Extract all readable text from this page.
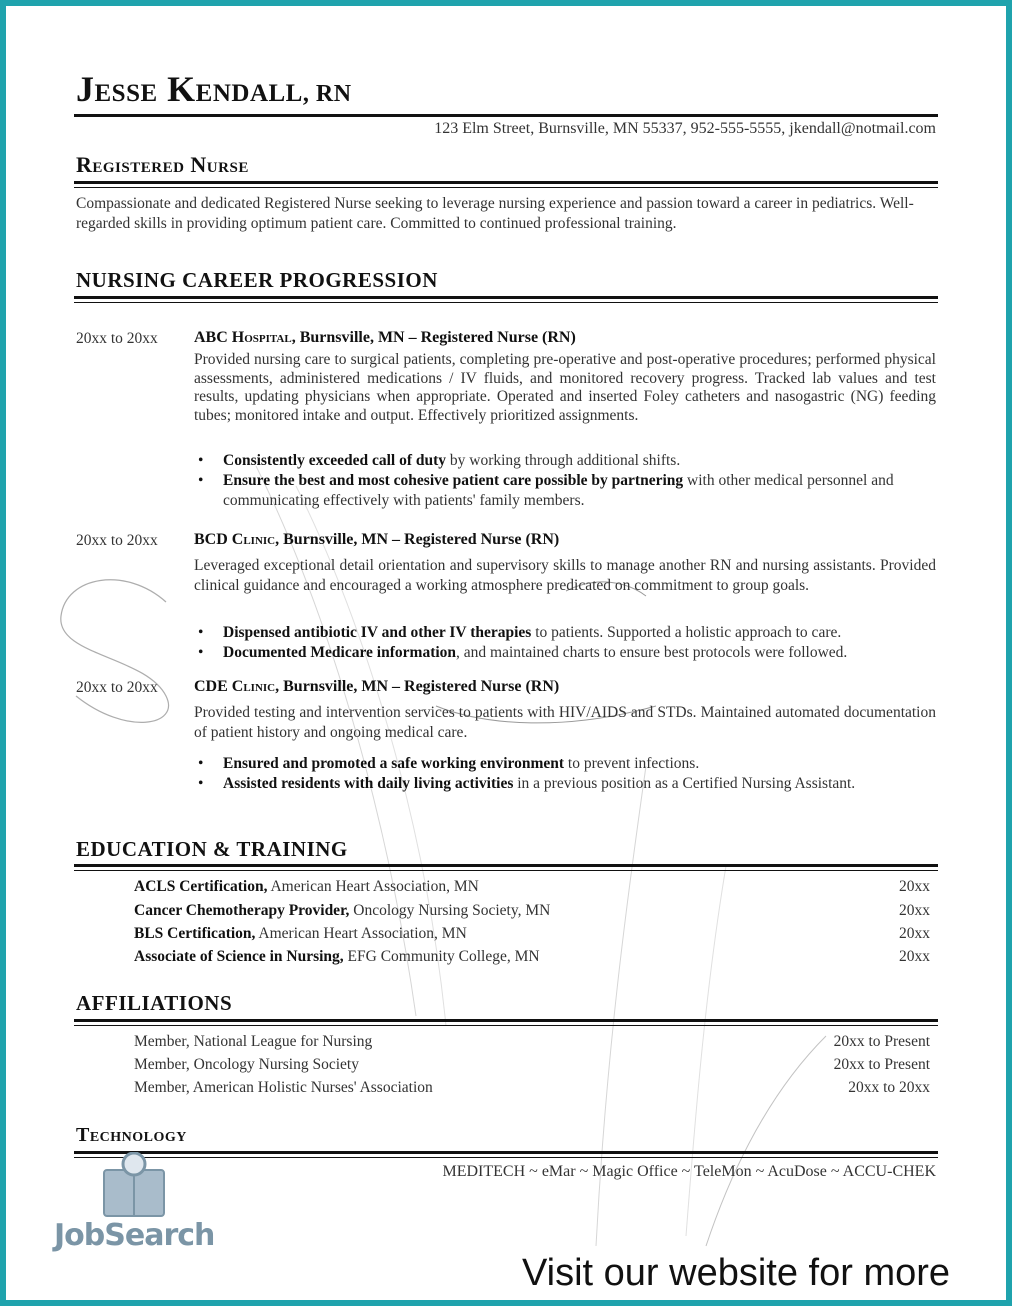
Jesse Kendall, RN
123 Elm Street, Burnsville, MN 55337, 952-555-5555, jkendall@notmail.com
Registered Nurse
Compassionate and dedicated Registered Nurse seeking to leverage nursing experience and passion toward a career in pediatrics. Well-regarded skills in providing optimum patient care. Committed to continued professional training.
NURSING CAREER PROGRESSION
20xx to 20xx ABC Hospital, Burnsville, MN – Registered Nurse (RN)
Provided nursing care to surgical patients, completing pre-operative and post-operative procedures; performed physical assessments, administered medications / IV fluids, and monitored recovery progress. Tracked lab values and test results, updating physicians when appropriate. Operated and inserted Foley catheters and nasogastric (NG) feeding tubes; monitored intake and output. Effectively prioritized assignments.
• Consistently exceeded call of duty by working through additional shifts.
• Ensure the best and most cohesive patient care possible by partnering with other medical personnel and communicating effectively with patients' family members.
20xx to 20xx BCD Clinic, Burnsville, MN – Registered Nurse (RN)
Leveraged exceptional detail orientation and supervisory skills to manage another RN and nursing assistants. Provided clinical guidance and encouraged a working atmosphere predicated on commitment to group goals.
• Dispensed antibiotic IV and other IV therapies to patients. Supported a holistic approach to care.
• Documented Medicare information, and maintained charts to ensure best protocols were followed.
20xx to 20xx CDE Clinic, Burnsville, MN – Registered Nurse (RN)
Provided testing and intervention services to patients with HIV/AIDS and STDs. Maintained automated documentation of patient history and ongoing medical care.
• Ensured and promoted a safe working environment to prevent infections.
• Assisted residents with daily living activities in a previous position as a Certified Nursing Assistant.
EDUCATION & TRAINING
ACLS Certification, American Heart Association, MN	20xx
Cancer Chemotherapy Provider, Oncology Nursing Society, MN	20xx
BLS Certification, American Heart Association, MN	20xx
Associate of Science in Nursing, EFG Community College, MN	20xx
AFFILIATIONS
Member, National League for Nursing	20xx to Present
Member, Oncology Nursing Society	20xx to Present
Member, American Holistic Nurses' Association	20xx to 20xx
Technology
MEDITECH ~ eMar ~ Magic Office ~ TeleMon ~ AcuDose ~ ACCU-CHEK
JobSearch
Visit our website for more
